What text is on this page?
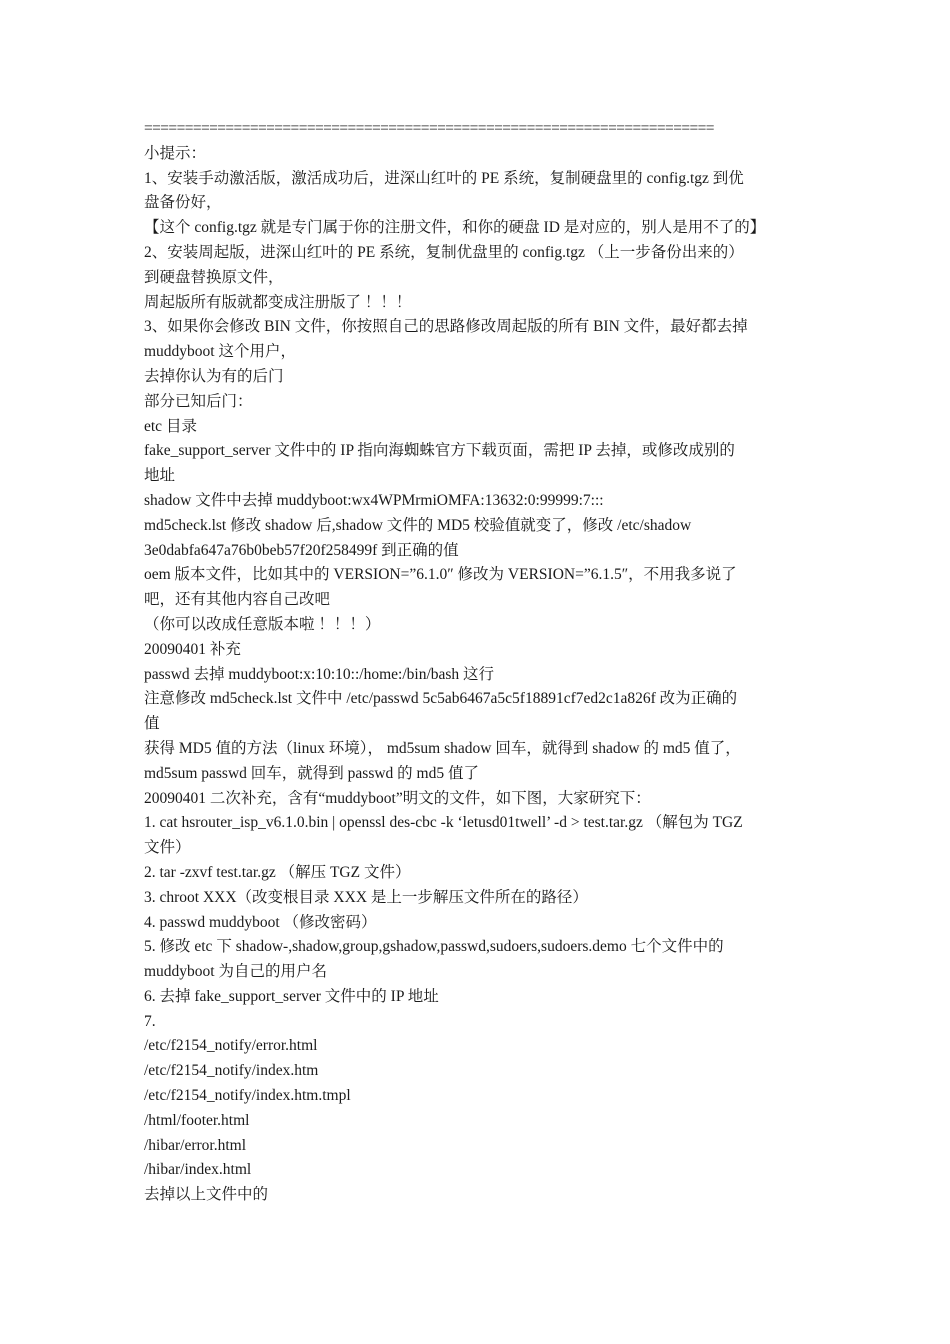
======================================================================
小提示：
1、安装手动激活版，激活成功后，进深山红叶的 PE 系统，复制硬盘里的 config.tgz 到优
盘备份好，
【这个 config.tgz 就是专门属于你的注册文件，和你的硬盘 ID 是对应的，别人是用不了的】
2、安装周起版，进深山红叶的 PE 系统，复制优盘里的 config.tgz （上一步备份出来的）
到硬盘替换原文件，
周起版所有版就都变成注册版了 ！！！
3、如果你会修改 BIN 文件，你按照自己的思路修改周起版的所有 BIN 文件，最好都去掉
muddyboot 这个用户，
去掉你认为有的后门
部分已知后门：
etc 目录
fake_support_server 文件中的 IP 指向海蜘蛛官方下载页面，需把 IP 去掉，或修改成别的
地址
shadow 文件中去掉 muddyboot:wx4WPMrmiOMFA:13632:0:99999:7:::
md5check.lst 修改 shadow 后,shadow 文件的 MD5 校验值就变了，修改 /etc/shadow
3e0dabfa647a76b0beb57f20f258499f 到正确的值
oem 版本文件，比如其中的 VERSION=”6.1.0″ 修改为 VERSION=”6.1.5″，不用我多说了
吧，还有其他内容自己改吧
（你可以改成任意版本啦 ！！！）
20090401 补充
passwd 去掉 muddyboot:x:10:10::/home:/bin/bash 这行
注意修改 md5check.lst 文件中 /etc/passwd 5c5ab6467a5c5f18891cf7ed2c1a826f 改为正确的
值
获得 MD5 值的方法（linux 环境）， md5sum shadow 回车，就得到 shadow 的 md5 值了，
md5sum passwd 回车，就得到 passwd 的 md5 值了
20090401 二次补充，含有“muddyboot”明文的文件，如下图，大家研究下：
1. cat hsrouter_isp_v6.1.0.bin | openssl des-cbc -k ‘letusd01twell’ -d > test.tar.gz （解包为 TGZ
文件）
2. tar -zxvf test.tar.gz （解压 TGZ 文件）
3. chroot XXX（改变根目录 XXX 是上一步解压文件所在的路径）
4. passwd muddyboot （修改密码）
5. 修改 etc 下 shadow-,shadow,group,gshadow,passwd,sudoers,sudoers.demo 七个文件中的
muddyboot 为自己的用户名
6. 去掉 fake_support_server 文件中的 IP 地址
7.
/etc/f2154_notify/error.html
/etc/f2154_notify/index.htm
/etc/f2154_notify/index.htm.tmpl
/html/footer.html
/hibar/error.html
/hibar/index.html
去掉以上文件中的
